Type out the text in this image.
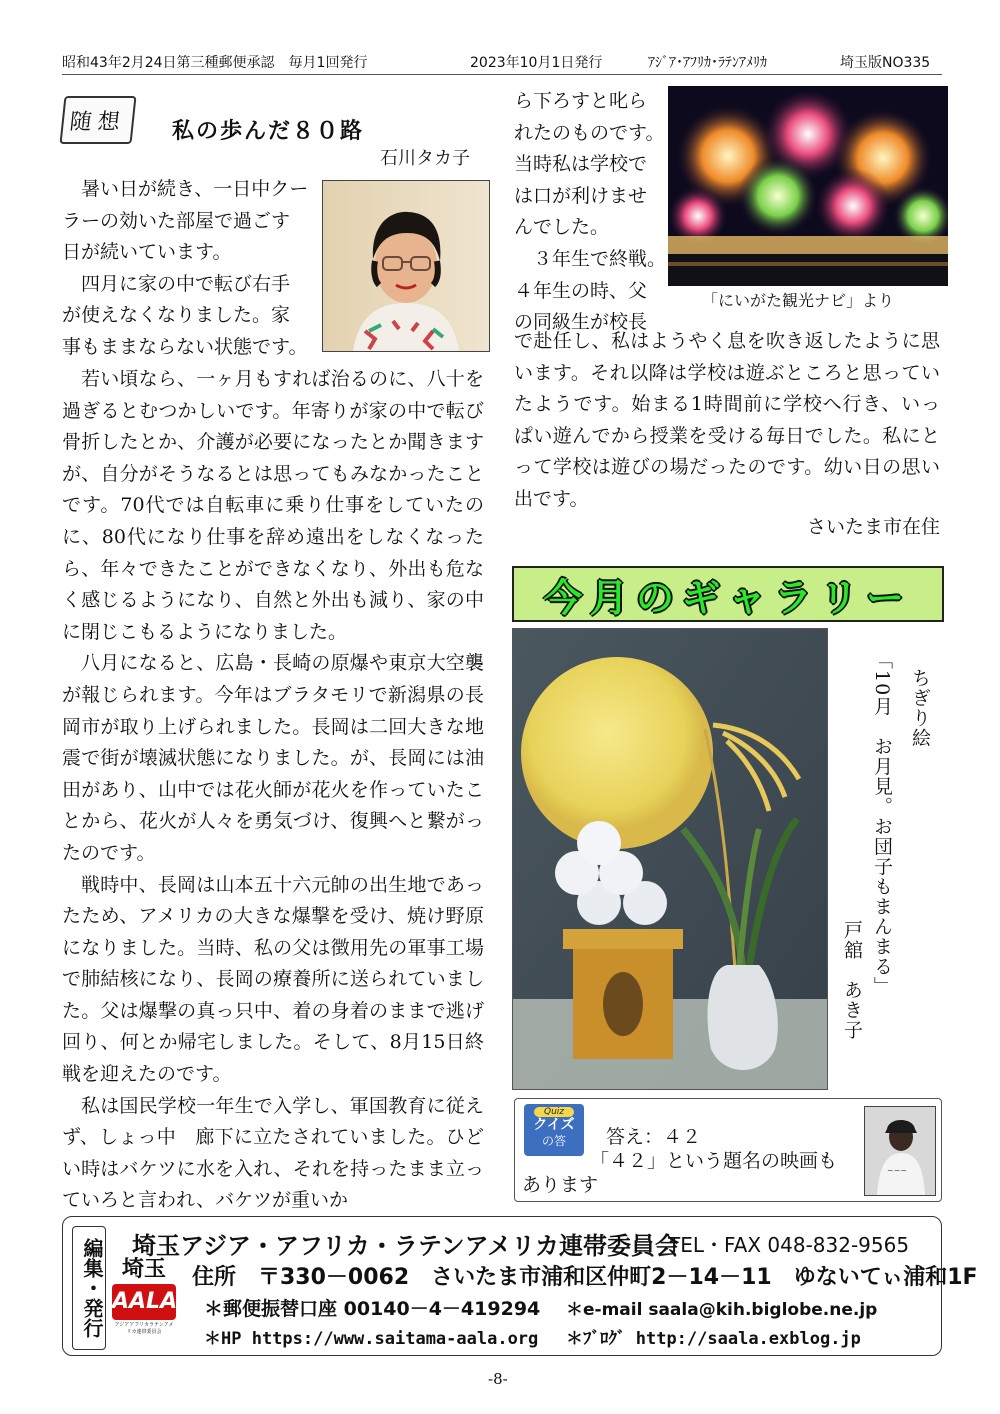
昭和43年2月24日第三種郵便承認　毎月1回発行	2023年10月1日発行	ｱｼﾞｱ･ｱﾌﾘｶ･ﾗﾃﾝｱﾒﾘｶ	埼玉版NO335
随想	私の歩んだ８０路
石川タカ子
暑い日が続き、一日中クー
ラーの効いた部屋で過ごす
日が続いています。
四月に家の中で転び右手
が使えなくなりました。家
事もままならない状態です。

若い頃なら、一ヶ月もすれば治るのに、八十を過ぎるとむつかしいです。年寄りが家の中で転び骨折したとか、介護が必要になったとか聞きますが、自分がそうなるとは思ってもみなかったことです。70代では自転車に乗り仕事をしていたのに、80代になり仕事を辞め遠出をしなくなったら、年々できたことができなくなり、外出も危なく感じるようになり、自然と外出も減り、家の中に閉じこもるようになりました。

八月になると、広島・長崎の原爆や東京大空襲が報じられます。今年はブラタモリで新潟県の長岡市が取り上げられました。長岡は二回大きな地震で街が壊滅状態になりました。が、長岡には油田があり、山中では花火師が花火を作っていたことから、花火が人々を勇気づけ、復興へと繋がったのです。

戦時中、長岡は山本五十六元帥の出生地であったため、アメリカの大きな爆撃を受け、焼け野原になりました。当時、私の父は徴用先の軍事工場で肺結核になり、長岡の療養所に送られていました。父は爆撃の真っ只中、着の身着のままで逃げ回り、何とか帰宅しました。そして、8月15日終戦を迎えたのです。

私は国民学校一年生で入学し、軍国教育に従えず、しょっ中　廊下に立たされていました。ひどい時はバケツに水を入れ、それを持ったまま立っていろと言われ、バケツが重いか

ら下ろすと叱ら
れたのものです。
当時私は学校で
は口が利けませ
んでした。
３年生で終戦。
４年生の時、父
の同級生が校長
「にいがた観光ナビ」より

で赴任し、私はようやく息を吹き返したように思います。それ以降は学校は遊ぶところと思っていたようです。始まる1時間前に学校へ行き、いっぱい遊んでから授業を受ける毎日でした。私にとって学校は遊びの場だったのです。幼い日の思い出です。

さいたま市在住
今月のギャラリー
ちぎり絵
「10月　お月見。お団子もまんまる」
戸舘　あき子
Quiz
クイズ
の答	答え：４２
「４２」という題名の映画も
あります
~~~
編集・発行 埼玉
AALA
アジアアフリカラテンアメリカ連帯委員会
埼玉アジア・アフリカ・ラテンアメリカ連帯委員会
TEL・FAX 048-832-9565
住所　〒330－0062　さいたま市浦和区仲町2－14－11　ゆないてぃ浦和1F
＊郵便振替口座 00140－4－419294 ＊e-mail saala@kih.biglobe.ne.jp
＊HP https://www.saitama-aala.org ＊ﾌﾞﾛｸﾞ http://saala.exblog.jp
-8-
